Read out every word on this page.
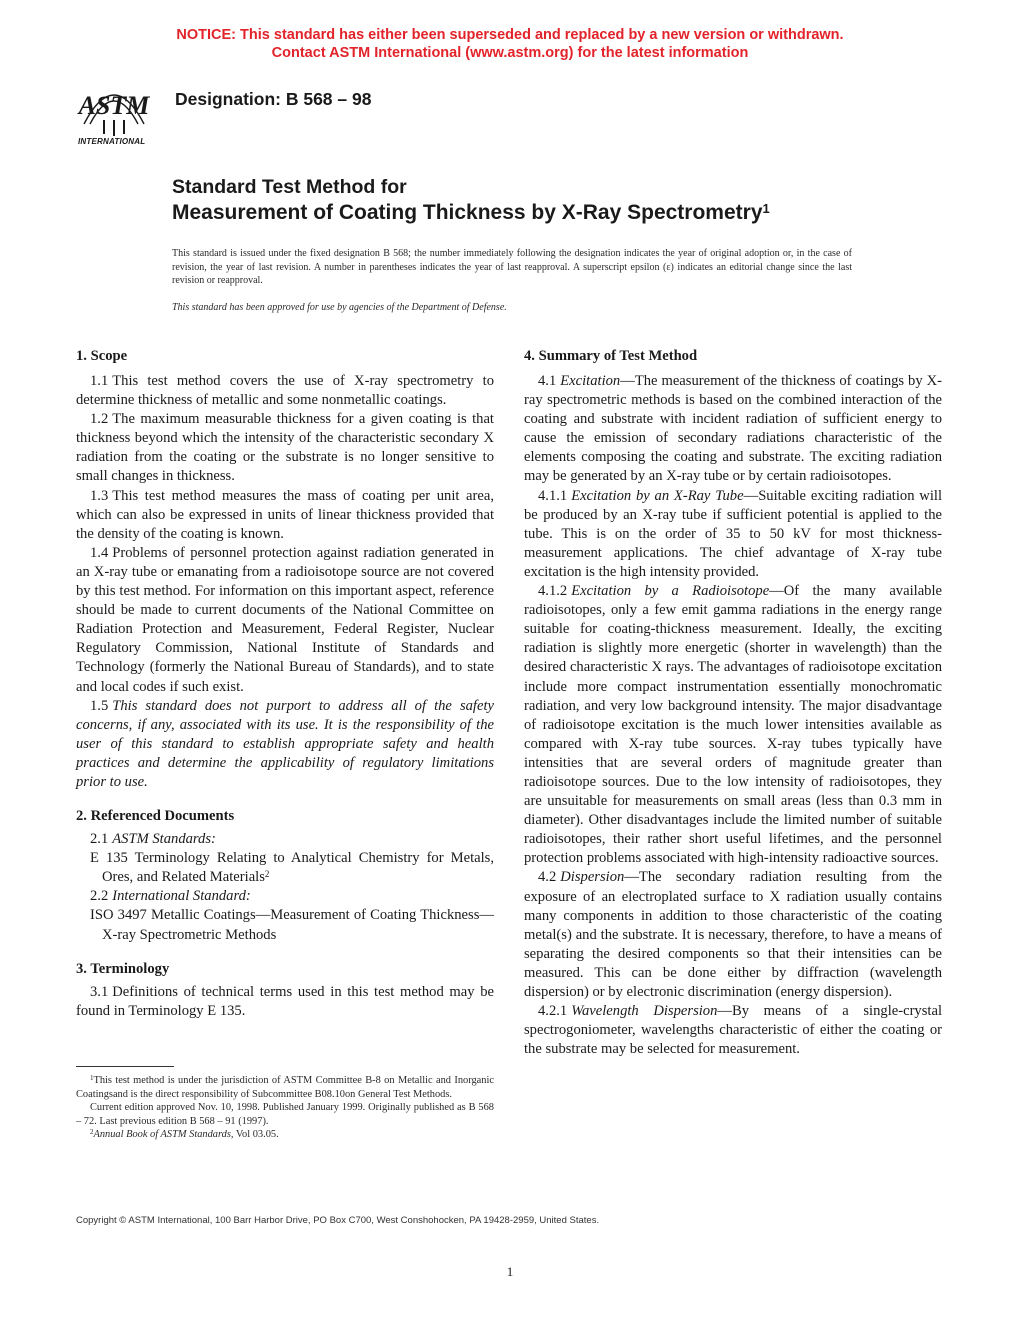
NOTICE: This standard has either been superseded and replaced by a new version or withdrawn.
Contact ASTM International (www.astm.org) for the latest information
ASTM
INTERNATIONAL
Designation: B 568 – 98
Standard Test Method for
Measurement of Coating Thickness by X-Ray Spectrometry$^1$
This standard is issued under the fixed designation B 568; the number immediately following the designation indicates the year of original adoption or, in the case of revision, the year of last revision. A number in parentheses indicates the year of last reapproval. A superscript epsilon (ε) indicates an editorial change since the last revision or reapproval.
This standard has been approved for use by agencies of the Department of Defense.
1. Scope

1.1 This test method covers the use of X-ray spectrometry to determine thickness of metallic and some nonmetallic coatings.

1.2 The maximum measurable thickness for a given coating is that thickness beyond which the intensity of the characteristic secondary X radiation from the coating or the substrate is no longer sensitive to small changes in thickness.

1.3 This test method measures the mass of coating per unit area, which can also be expressed in units of linear thickness provided that the density of the coating is known.

1.4 Problems of personnel protection against radiation generated in an X-ray tube or emanating from a radioisotope source are not covered by this test method. For information on this important aspect, reference should be made to current documents of the National Committee on Radiation Protection and Measurement, Federal Register, Nuclear Regulatory Commission, National Institute of Standards and Technology (formerly the National Bureau of Standards), and to state and local codes if such exist.

1.5 This standard does not purport to address all of the safety concerns, if any, associated with its use. It is the responsibility of the user of this standard to establish appropriate safety and health practices and determine the applicability of regulatory limitations prior to use.

2. Referenced Documents

2.1 ASTM Standards:

E 135 Terminology Relating to Analytical Chemistry for Metals, Ores, and Related Materials$^2$

2.2 International Standard:

ISO 3497 Metallic Coatings—Measurement of Coating Thickness—X-ray Spectrometric Methods

3. Terminology

3.1 Definitions of technical terms used in this test method may be found in Terminology E 135.

4. Summary of Test Method

4.1 Excitation—The measurement of the thickness of coatings by X-ray spectrometric methods is based on the combined interaction of the coating and substrate with incident radiation of sufficient energy to cause the emission of secondary radiations characteristic of the elements composing the coating and substrate. The exciting radiation may be generated by an X-ray tube or by certain radioisotopes.

4.1.1 Excitation by an X-Ray Tube—Suitable exciting radiation will be produced by an X-ray tube if sufficient potential is applied to the tube. This is on the order of 35 to 50 kV for most thickness-measurement applications. The chief advantage of X-ray tube excitation is the high intensity provided.

4.1.2 Excitation by a Radioisotope—Of the many available radioisotopes, only a few emit gamma radiations in the energy range suitable for coating-thickness measurement. Ideally, the exciting radiation is slightly more energetic (shorter in wavelength) than the desired characteristic X rays. The advantages of radioisotope excitation include more compact instrumentation essentially monochromatic radiation, and very low background intensity. The major disadvantage of radioisotope excitation is the much lower intensities available as compared with X-ray tube sources. X-ray tubes typically have intensities that are several orders of magnitude greater than radioisotope sources. Due to the low intensity of radioisotopes, they are unsuitable for measurements on small areas (less than 0.3 mm in diameter). Other disadvantages include the limited number of suitable radioisotopes, their rather short useful lifetimes, and the personnel protection problems associated with high-intensity radioactive sources.

4.2 Dispersion—The secondary radiation resulting from the exposure of an electroplated surface to X radiation usually contains many components in addition to those characteristic of the coating metal(s) and the substrate. It is necessary, therefore, to have a means of separating the desired components so that their intensities can be measured. This can be done either by diffraction (wavelength dispersion) or by electronic discrimination (energy dispersion).

4.2.1 Wavelength Dispersion—By means of a single-crystal spectrogoniometer, wavelengths characteristic of either the coating or the substrate may be selected for measurement.

$^1$This test method is under the jurisdiction of ASTM Committee B-8 on Metallic and Inorganic Coatingsand is the direct responsibility of Subcommittee B08.10on General Test Methods.

Current edition approved Nov. 10, 1998. Published January 1999. Originally published as B 568 – 72. Last previous edition B 568 – 91 (1997).

$^2$Annual Book of ASTM Standards, Vol 03.05.

Copyright © ASTM International, 100 Barr Harbor Drive, PO Box C700, West Conshohocken, PA 19428-2959, United States.
1
